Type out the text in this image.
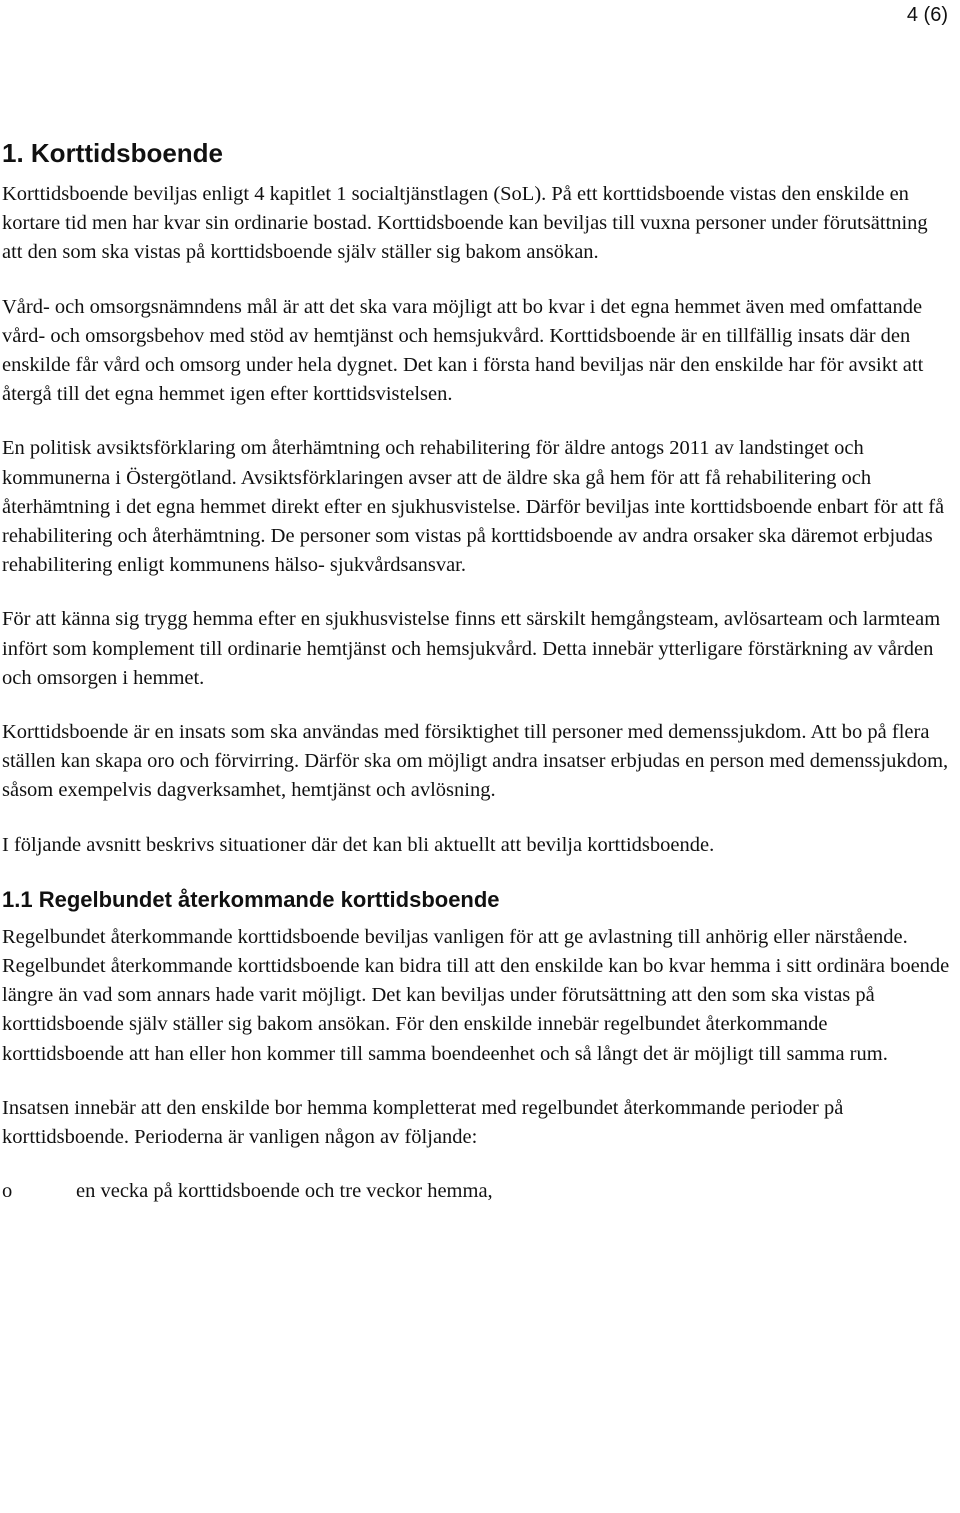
4 (6)
1. Korttidsboende

Korttidsboende beviljas enligt 4 kapitlet 1 socialtjänstlagen (SoL). På ett korttidsboende vistas den enskilde en kortare tid men har kvar sin ordinarie bostad. Korttidsboende kan beviljas till vuxna personer under förutsättning att den som ska vistas på korttidsboende själv ställer sig bakom ansökan.

Vård- och omsorgsnämndens mål är att det ska vara möjligt att bo kvar i det egna hemmet även med omfattande vård- och omsorgsbehov med stöd av hemtjänst och hemsjukvård. Korttidsboende är en tillfällig insats där den enskilde får vård och omsorg under hela dygnet. Det kan i första hand beviljas när den enskilde har för avsikt att återgå till det egna hemmet igen efter korttidsvistelsen.

En politisk avsiktsförklaring om återhämtning och rehabilitering för äldre antogs 2011 av landstinget och kommunerna i Östergötland. Avsiktsförklaringen avser att de äldre ska gå hem för att få rehabilitering och återhämtning i det egna hemmet direkt efter en sjukhusvistelse. Därför beviljas inte korttidsboende enbart för att få rehabilitering och återhämtning. De personer som vistas på korttidsboende av andra orsaker ska däremot erbjudas rehabilitering enligt kommunens hälso- sjukvårdsansvar.

För att känna sig trygg hemma efter en sjukhusvistelse finns ett särskilt hemgångsteam, avlösarteam och larmteam infört som komplement till ordinarie hemtjänst och hemsjukvård. Detta innebär ytterligare förstärkning av vården och omsorgen i hemmet.

Korttidsboende är en insats som ska användas med försiktighet till personer med demenssjukdom. Att bo på flera ställen kan skapa oro och förvirring. Därför ska om möjligt andra insatser erbjudas en person med demenssjukdom, såsom exempelvis dagverksamhet, hemtjänst och avlösning.

I följande avsnitt beskrivs situationer där det kan bli aktuellt att bevilja korttidsboende.

1.1 Regelbundet återkommande korttidsboende

Regelbundet återkommande korttidsboende beviljas vanligen för att ge avlastning till anhörig eller närstående. Regelbundet återkommande korttidsboende kan bidra till att den enskilde kan bo kvar hemma i sitt ordinära boende längre än vad som annars hade varit möjligt. Det kan beviljas under förutsättning att den som ska vistas på korttidsboende själv ställer sig bakom ansökan. För den enskilde innebär regelbundet återkommande korttidsboende att han eller hon kommer till samma boendeenhet och så långt det är möjligt till samma rum.

Insatsen innebär att den enskilde bor hemma kompletterat med regelbundet återkommande perioder på korttidsboende. Perioderna är vanligen någon av följande:

o	en vecka på korttidsboende och tre veckor hemma,
